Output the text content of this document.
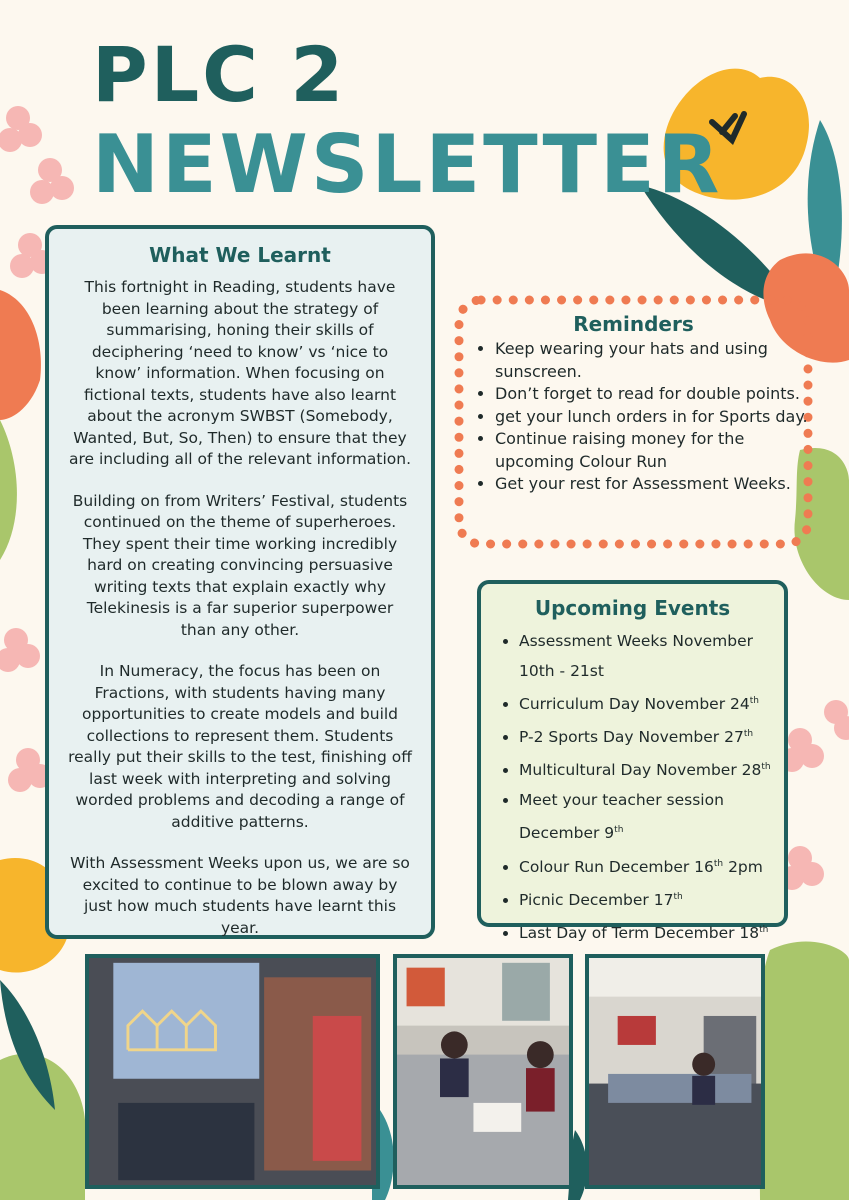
PLC 2
NEWSLETTER
What We Learnt

This fortnight in Reading, students have been learning about the strategy of summarising, honing their skills of deciphering ‘need to know’ vs ‘nice to know’ information. When focusing on fictional texts, students have also learnt about the acronym SWBST (Somebody, Wanted, But, So, Then) to ensure that they are including all of the relevant information.

Building on from Writers’ Festival, students continued on the theme of superheroes. They spent their time working incredibly hard on creating convincing persuasive writing texts that explain exactly why Telekinesis is a far superior superpower than any other.

In Numeracy, the focus has been on Fractions, with students having many opportunities to create models and build collections to represent them. Students really put their skills to the test, finishing off last week with interpreting and solving worded problems and decoding a range of additive patterns.

With Assessment Weeks upon us, we are so excited to continue to be blown away by just how much students have learnt this year.

Reminders
• Keep wearing your hats and using sunscreen.
• Don’t forget to read for double points.
• get your lunch orders in for Sports day.
• Continue raising money for the upcoming Colour Run
• Get your rest for Assessment Weeks.
Upcoming Events
• Assessment Weeks November 10th - 21st
• Curriculum Day November 24th
• P-2 Sports Day November 27th
• Multicultural Day November 28th
• Meet your teacher session December 9th
• Colour Run December 16th 2pm
• Picnic December 17th
• Last Day of Term December 18th
